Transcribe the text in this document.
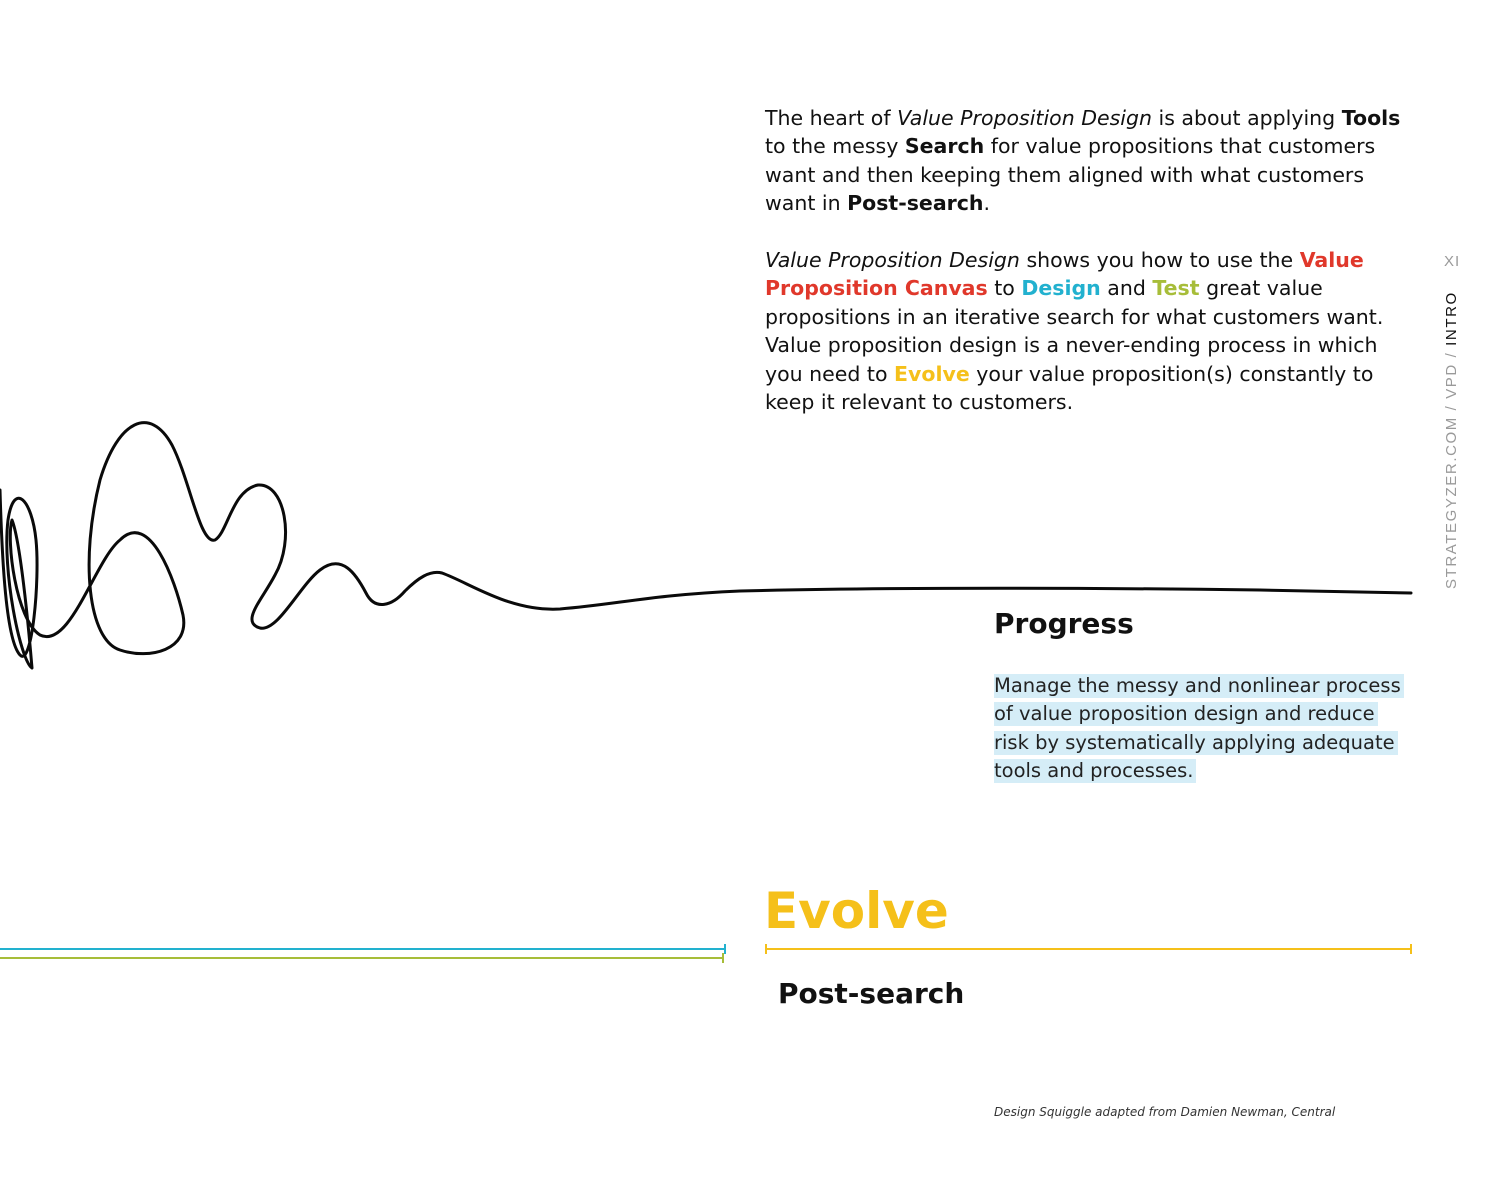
The heart of Value Proposition Design is about applying Tools to the messy Search for value propositions that customers want and then keeping them aligned with what customers want in Post-search.

Value Proposition Design shows you how to use the Value Proposition Canvas to Design and Test great value propositions in an iterative search for what customers want. Value proposition design is a never-ending process in which you need to Evolve your value proposition(s) constantly to keep it relevant to customers.

XI
STRATEGYZER.COM / VPD / INTRO
Progress
Manage the messy and nonlinear process of value proposition design and reduce risk by systematically applying adequate tools and processes.
Evolve
Post-search
Design Squiggle adapted from Damien Newman, Central
